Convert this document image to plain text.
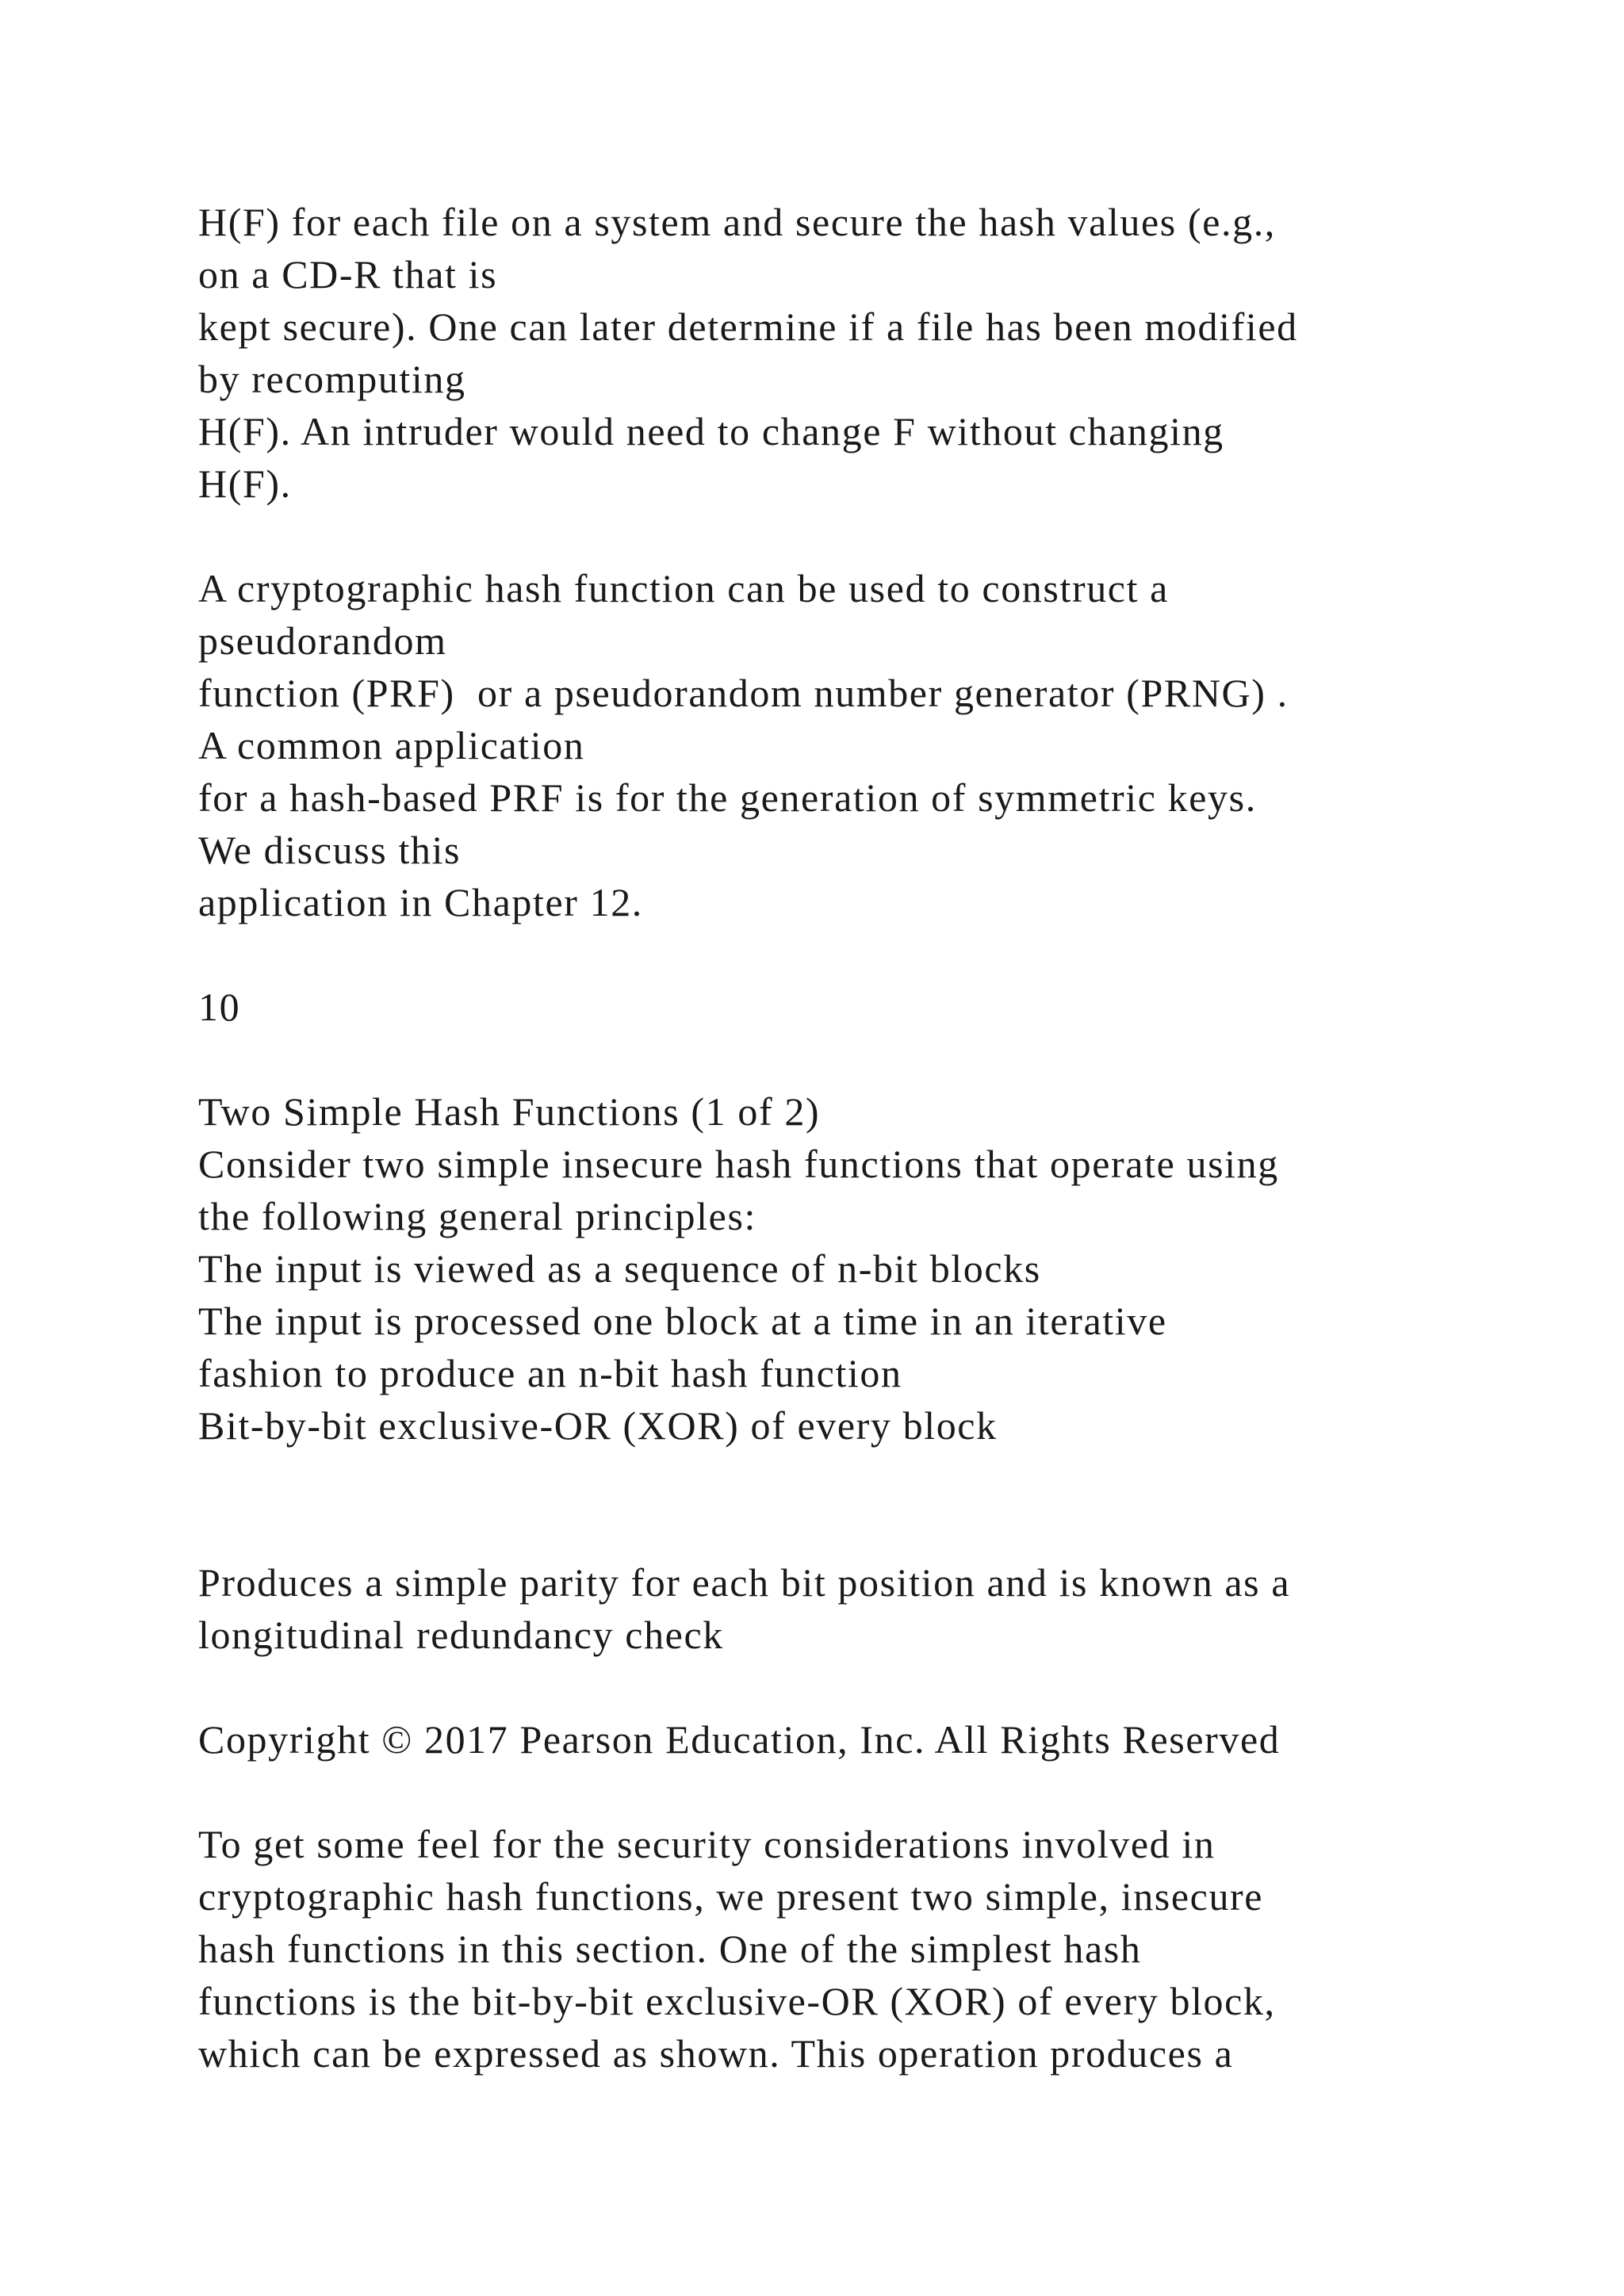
H(F) for each file on a system and secure the hash values (e.g.,
on a CD-R that is
kept secure). One can later determine if a file has been modified
by recomputing
H(F). An intruder would need to change F without changing
H(F).
A cryptographic hash function can be used to construct a
pseudorandom
function (PRF)  or a pseudorandom number generator (PRNG) .
A common application
for a hash-based PRF is for the generation of symmetric keys.
We discuss this
application in Chapter 12.
10
Two Simple Hash Functions (1 of 2)
Consider two simple insecure hash functions that operate using
the following general principles:
The input is viewed as a sequence of n-bit blocks
The input is processed one block at a time in an iterative
fashion to produce an n-bit hash function
Bit-by-bit exclusive-OR (XOR) of every block
Produces a simple parity for each bit position and is known as a
longitudinal redundancy check
Copyright © 2017 Pearson Education, Inc. All Rights Reserved
To get some feel for the security considerations involved in
cryptographic hash functions, we present two simple, insecure
hash functions in this section. One of the simplest hash
functions is the bit-by-bit exclusive-OR (XOR) of every block,
which can be expressed as shown. This operation produces a
